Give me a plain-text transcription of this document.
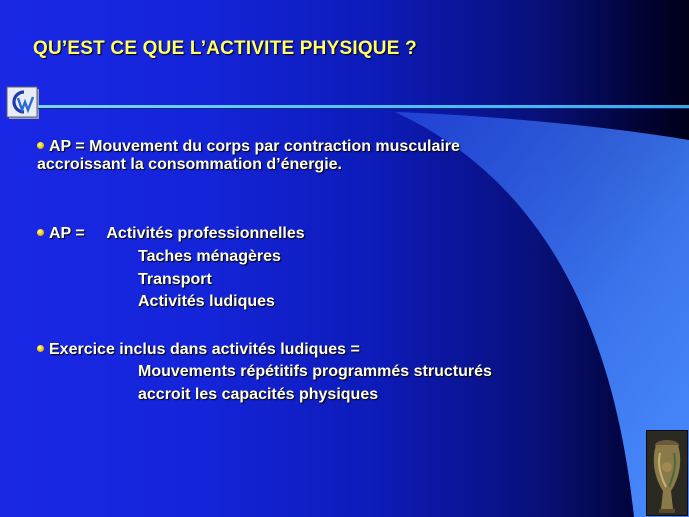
QU’EST CE QUE L’ACTIVITE PHYSIQUE ?
AP = Mouvement du corps par contraction musculaire
accroissant la consommation d’énergie.
AP =     Activités professionnelles
Taches ménagères
Transport
Activités ludiques
Exercice inclus dans activités ludiques =
Mouvements répétitifs programmés structurés
accroit les capacités physiques
